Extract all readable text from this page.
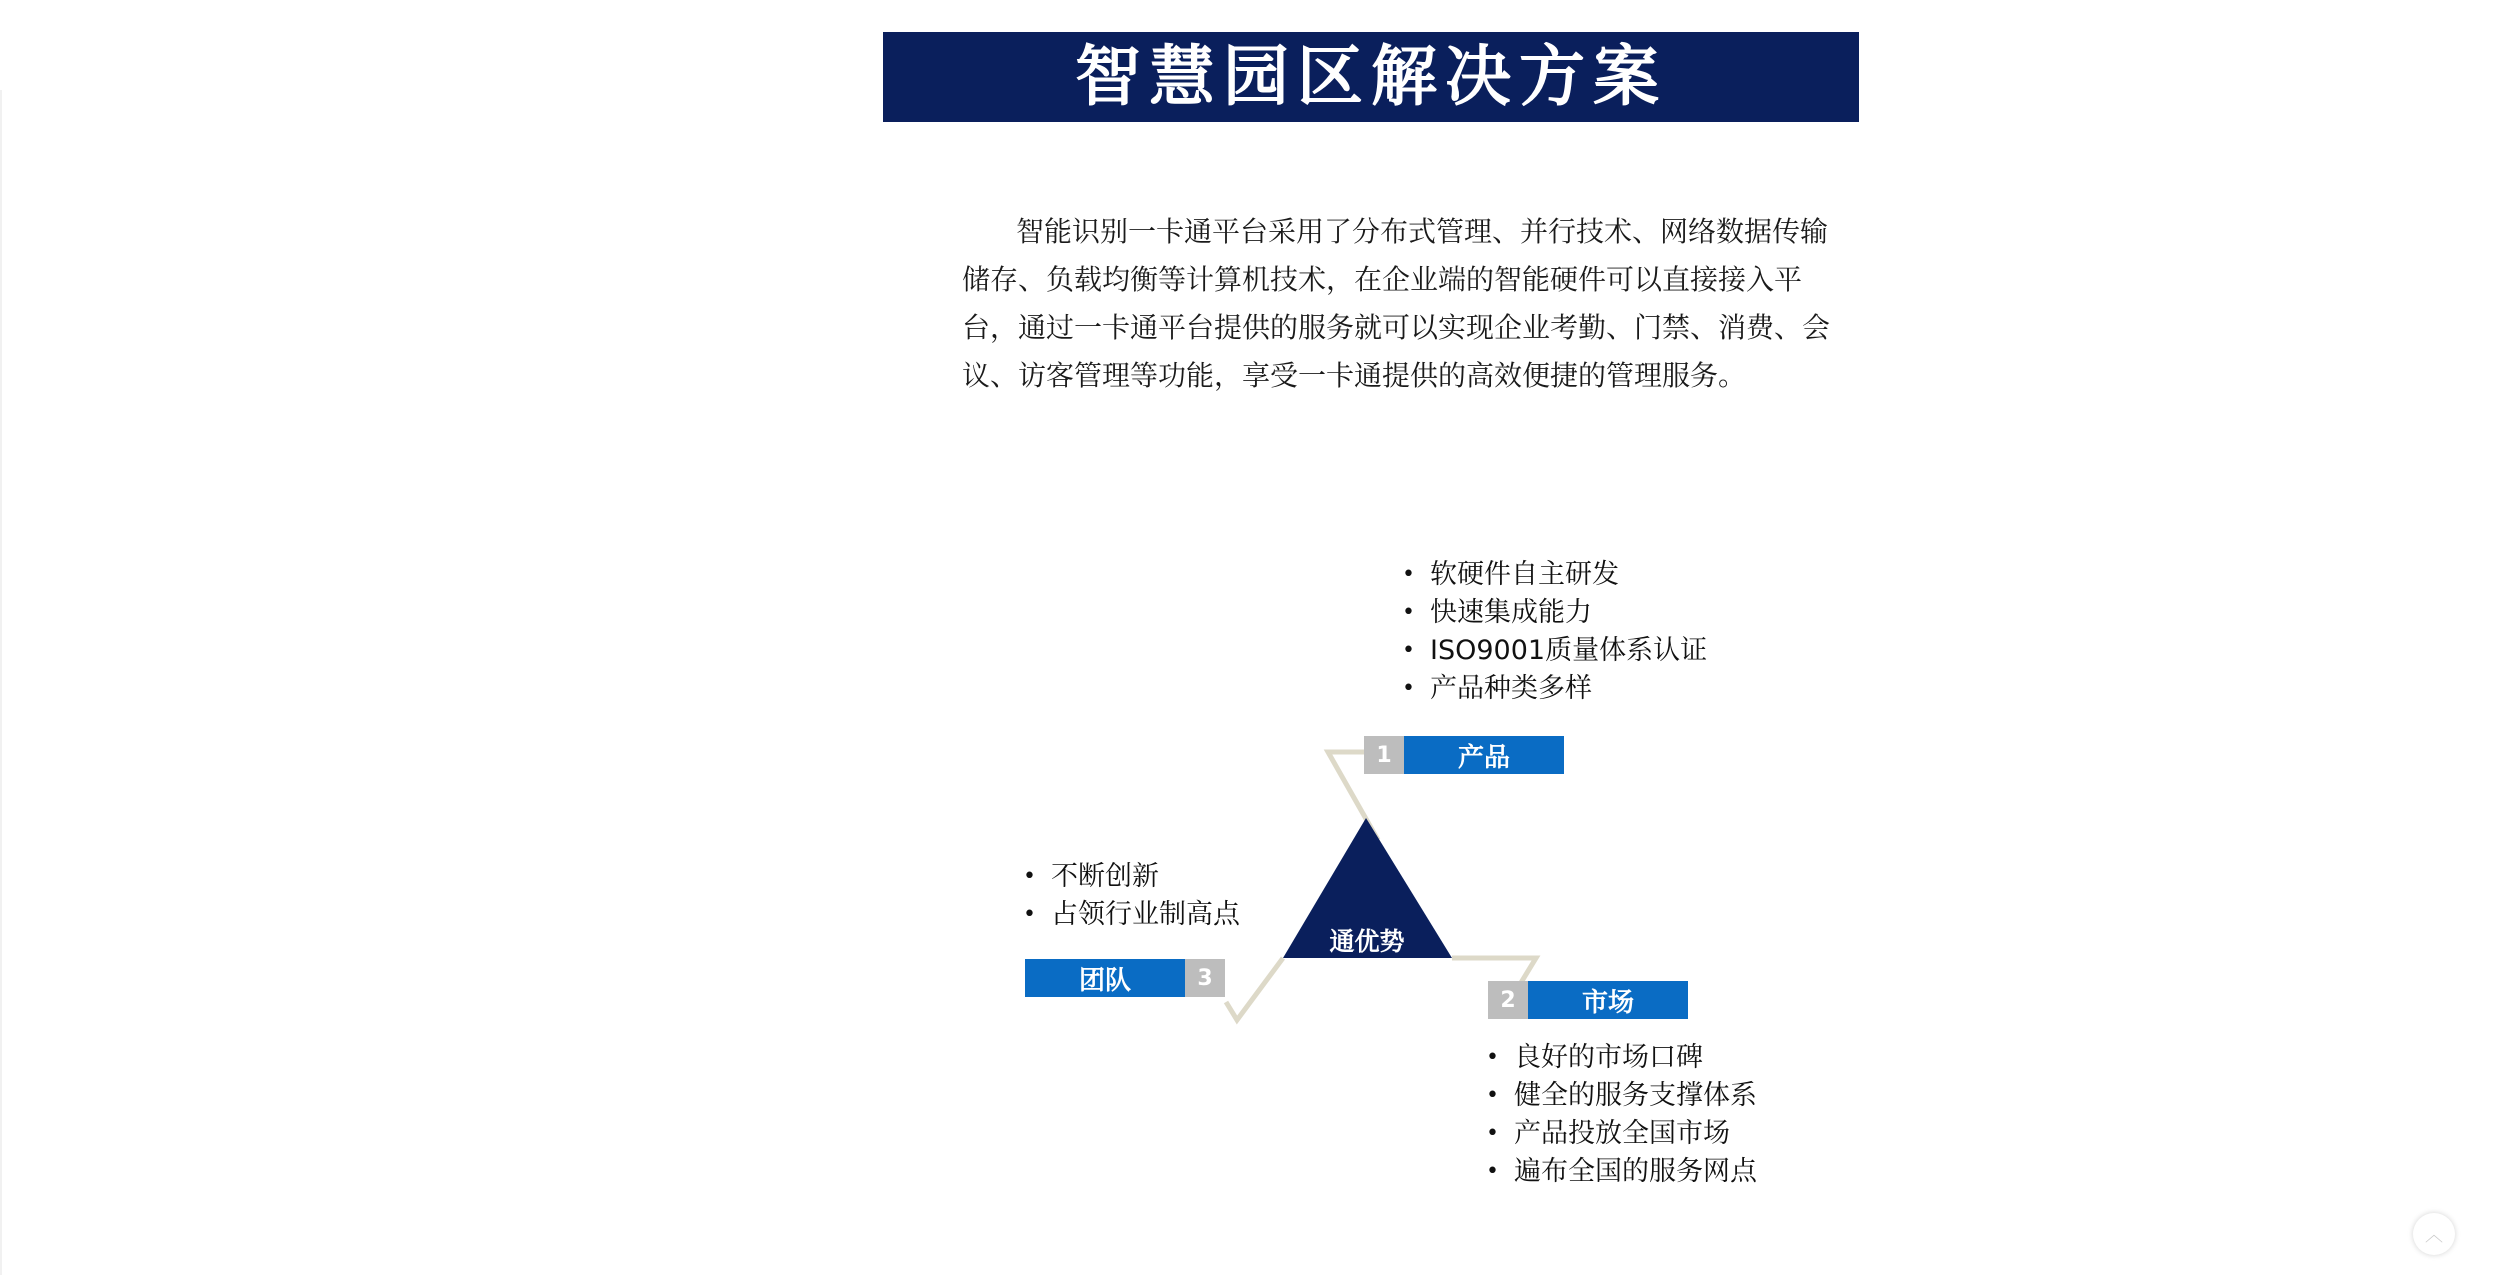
智慧园区解决方案

智能识别一卡通平台采用了分布式管理、并行技术、网络数据传输储存、负载均衡等计算机技术，在企业端的智能硬件可以直接接入平台，通过一卡通平台提供的服务就可以实现企业考勤、门禁、消费、会议、访客管理等功能，享受一卡通提供的高效便捷的管理服务。

通优势
1	产品
2	市场
团队	3
• 软硬件自主研发
• 快速集成能力
• ISO9001质量体系认证
• 产品种类多样
• 不断创新
• 占领行业制高点
• 良好的市场口碑
• 健全的服务支撑体系
• 产品投放全国市场
• 遍布全国的服务网点
︿
